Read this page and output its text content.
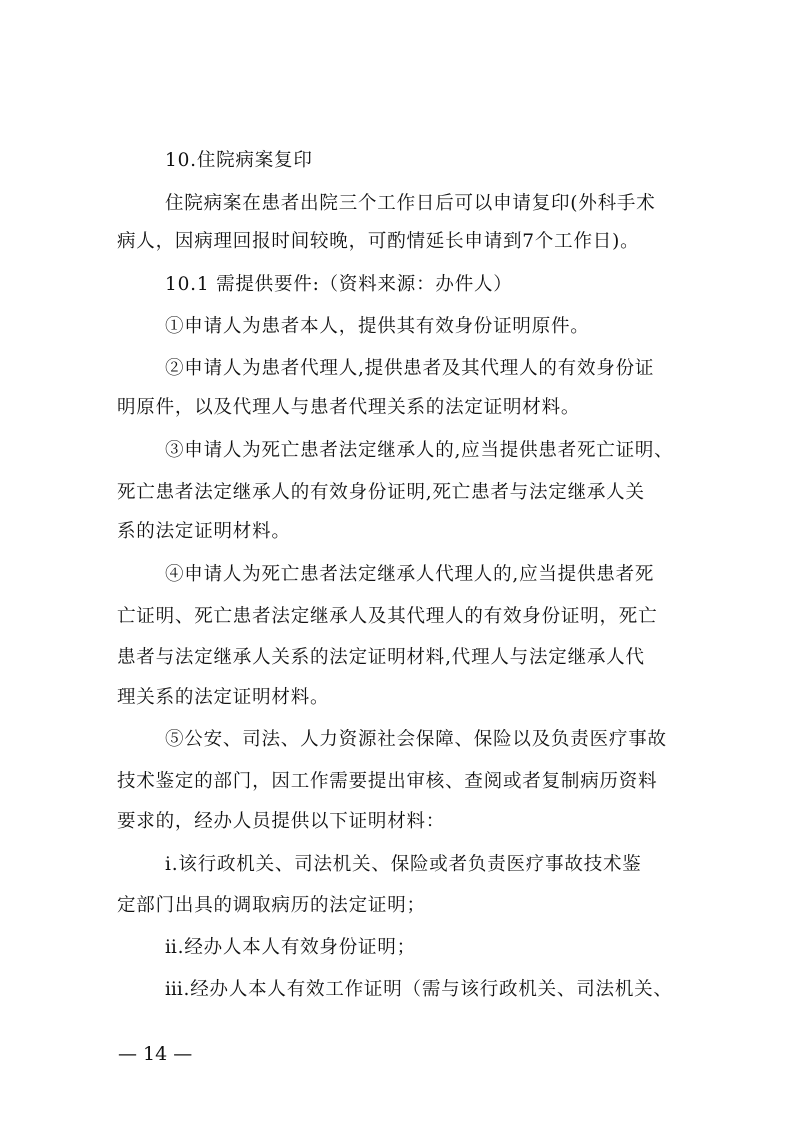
10.住院病案复印
住院病案在患者出院三个工作日后可以申请复印(外科手术
病人，因病理回报时间较晚，可酌情延长申请到7个工作日)。
10.1 需提供要件:（资料来源：办件人）
①申请人为患者本人，提供其有效身份证明原件。
②申请人为患者代理人,提供患者及其代理人的有效身份证
明原件，以及代理人与患者代理关系的法定证明材料。
③申请人为死亡患者法定继承人的,应当提供患者死亡证明、
死亡患者法定继承人的有效身份证明,死亡患者与法定继承人关
系的法定证明材料。
④申请人为死亡患者法定继承人代理人的,应当提供患者死
亡证明、死亡患者法定继承人及其代理人的有效身份证明，死亡
患者与法定继承人关系的法定证明材料,代理人与法定继承人代
理关系的法定证明材料。
⑤公安、司法、人力资源社会保障、保险以及负责医疗事故
技术鉴定的部门，因工作需要提出审核、查阅或者复制病历资料
要求的，经办人员提供以下证明材料：
ⅰ.该行政机关、司法机关、保险或者负责医疗事故技术鉴
定部门出具的调取病历的法定证明；
ⅱ.经办人本人有效身份证明；
ⅲ.经办人本人有效工作证明（需与该行政机关、司法机关、
— 14 —
